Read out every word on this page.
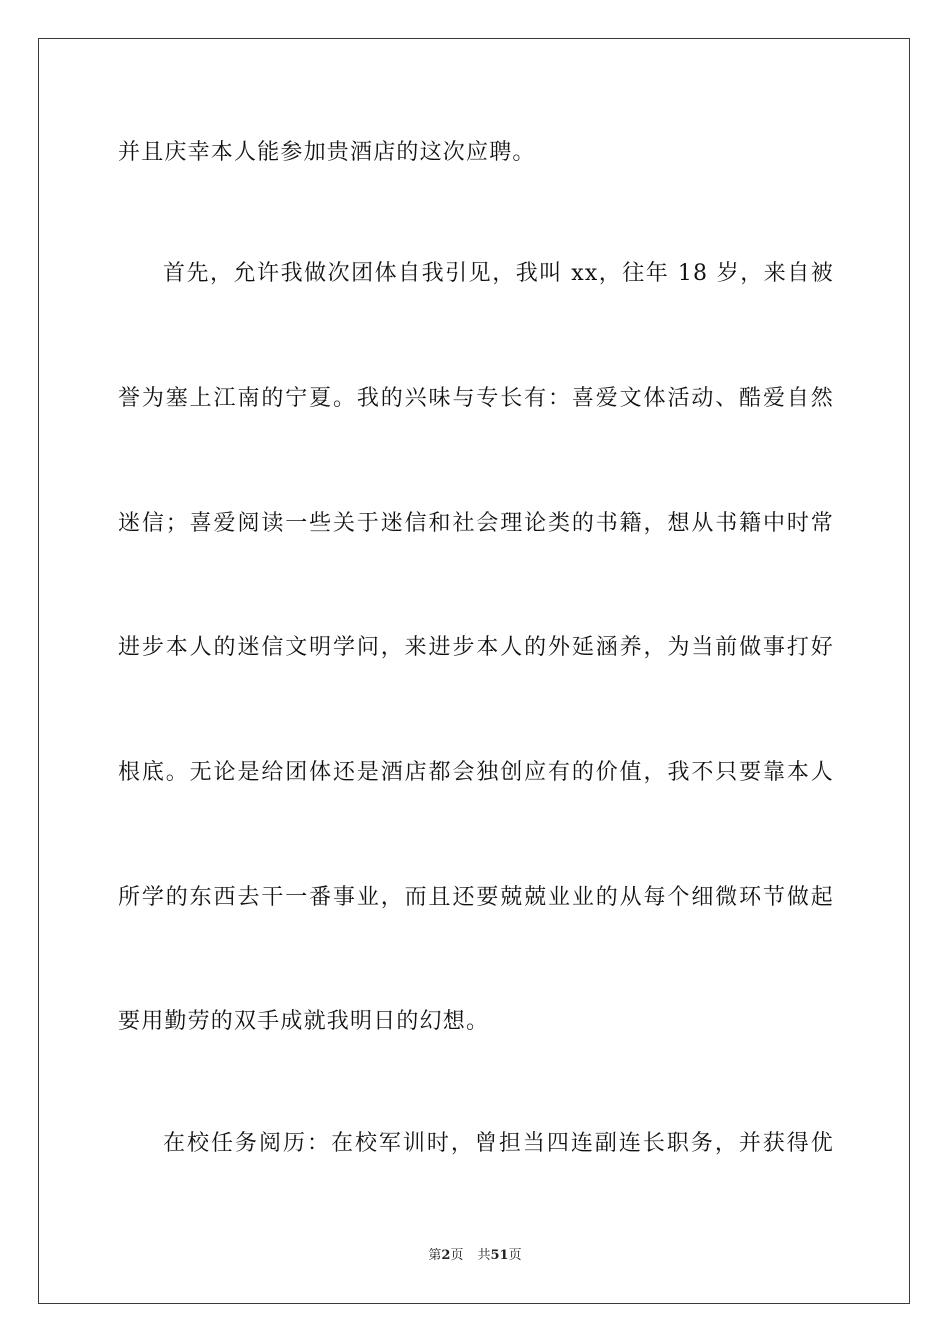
并且庆幸本人能参加贵酒店的这次应聘。
首先，允许我做次团体自我引见，我叫 xx，往年 18 岁，来自被
誉为塞上江南的宁夏。我的兴味与专长有：喜爱文体活动、酷爱自然
迷信；喜爱阅读一些关于迷信和社会理论类的书籍，想从书籍中时常
进步本人的迷信文明学问，来进步本人的外延涵养，为当前做事打好
根底。无论是给团体还是酒店都会独创应有的价值，我不只要靠本人
所学的东西去干一番事业，而且还要兢兢业业的从每个细微环节做起
要用勤劳的双手成就我明日的幻想。
在校任务阅历：在校军训时，曾担当四连副连长职务，并获得优
第2页 共51页
